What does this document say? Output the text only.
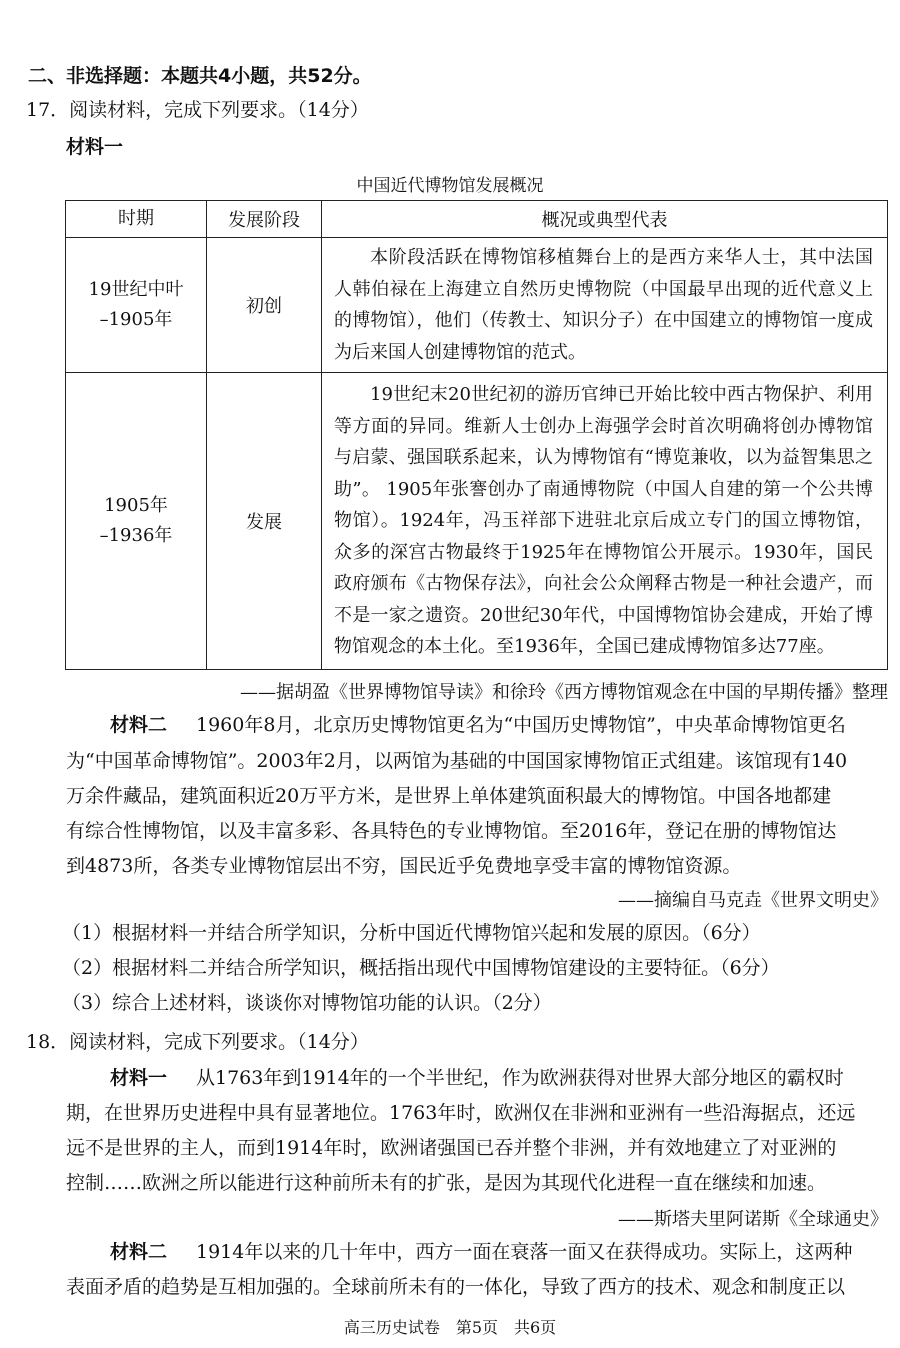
二、非选择题：本题共4小题，共52分。
17．阅读材料，完成下列要求。（14分）
材料一
中国近代博物馆发展概况
时期	发展阶段	概况或典型代表

19世纪中叶
–1905年	初创	本阶段活跃在博物馆移植舞台上的是西方来华人士，其中法国人韩伯禄在上海建立自然历史博物院（中国最早出现的近代意义上的博物馆），他们（传教士、知识分子）在中国建立的博物馆一度成为后来国人创建博物馆的范式。

1905年
–1936年	发展	19世纪末20世纪初的游历官绅已开始比较中西古物保护、利用等方面的异同。维新人士创办上海强学会时首次明确将创办博物馆与启蒙、强国联系起来，认为博物馆有“博览兼收，以为益智集思之助”。 1905年张謇创办了南通博物院（中国人自建的第一个公共博物馆）。1924年，冯玉祥部下进驻北京后成立专门的国立博物馆，众多的深宫古物最终于1925年在博物馆公开展示。1930年，国民政府颁布《古物保存法》，向社会公众阐释古物是一种社会遗产，而不是一家之遗资。20世纪30年代，中国博物馆协会建成，开始了博物馆观念的本土化。至1936年，全国已建成博物馆多达77座。
——据胡盈《世界博物馆导读》和徐玲《西方博物馆观念在中国的早期传播》整理
材料二 1960年8月，北京历史博物馆更名为“中国历史博物馆”，中央革命博物馆更名
为“中国革命博物馆”。2003年2月，以两馆为基础的中国国家博物馆正式组建。该馆现有140
万余件藏品，建筑面积近20万平方米，是世界上单体建筑面积最大的博物馆。中国各地都建
有综合性博物馆，以及丰富多彩、各具特色的专业博物馆。至2016年，登记在册的博物馆达
到4873所，各类专业博物馆层出不穷，国民近乎免费地享受丰富的博物馆资源。
——摘编自马克垚《世界文明史》
（1）根据材料一并结合所学知识，分析中国近代博物馆兴起和发展的原因。（6分）
（2）根据材料二并结合所学知识，概括指出现代中国博物馆建设的主要特征。（6分）
（3）综合上述材料，谈谈你对博物馆功能的认识。（2分）
18．阅读材料，完成下列要求。（14分）
材料一 从1763年到1914年的一个半世纪，作为欧洲获得对世界大部分地区的霸权时
期，在世界历史进程中具有显著地位。1763年时，欧洲仅在非洲和亚洲有一些沿海据点，还远
远不是世界的主人，而到1914年时，欧洲诸强国已吞并整个非洲，并有效地建立了对亚洲的
控制……欧洲之所以能进行这种前所未有的扩张，是因为其现代化进程一直在继续和加速。
——斯塔夫里阿诺斯《全球通史》
材料二 1914年以来的几十年中，西方一面在衰落一面又在获得成功。实际上，这两种
表面矛盾的趋势是互相加强的。全球前所未有的一体化，导致了西方的技术、观念和制度正以
高三历史试卷　第5页　共6页
